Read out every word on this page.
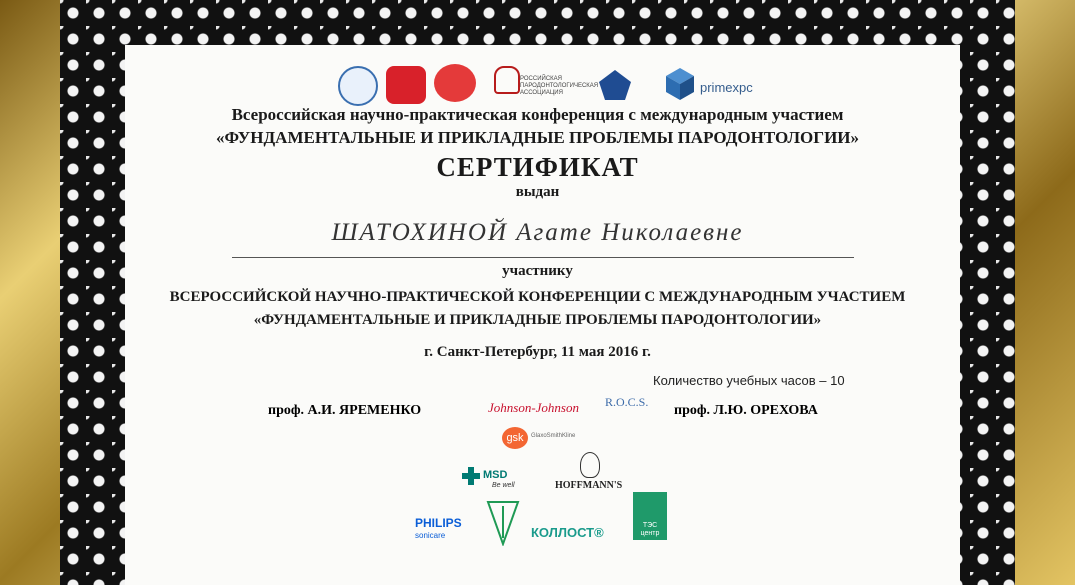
РОССИЙСКАЯ ПАРОДОНТОЛОГИЧЕСКАЯ АССОЦИАЦИЯ	primexpc
Всероссийская научно-практическая конференция с международным участием
«ФУНДАМЕНТАЛЬНЫЕ И ПРИКЛАДНЫЕ ПРОБЛЕМЫ ПАРОДОНТОЛОГИИ»
СЕРТИФИКАТ
выдан
ШАТОХИНОЙ Агате Николаевне
участнику
ВСЕРОССИЙСКОЙ НАУЧНО-ПРАКТИЧЕСКОЙ КОНФЕРЕНЦИИ С МЕЖДУНАРОДНЫМ УЧАСТИЕМ
«ФУНДАМЕНТАЛЬНЫЕ И ПРИКЛАДНЫЕ ПРОБЛЕМЫ ПАРОДОНТОЛОГИИ»
г. Санкт-Петербург, 11 мая 2016 г.
Количество учебных часов – 10
проф. А.И. ЯРЕМЕНКО	проф. Л.Ю. ОРЕХОВА
Johnson-Johnson R.O.C.S.
gsk	GlaxoSmithKline
HOFFMANN'S
MSD
Be well
PHILIPS
sonicare	КОЛЛОСТ®	ТЭС центр
